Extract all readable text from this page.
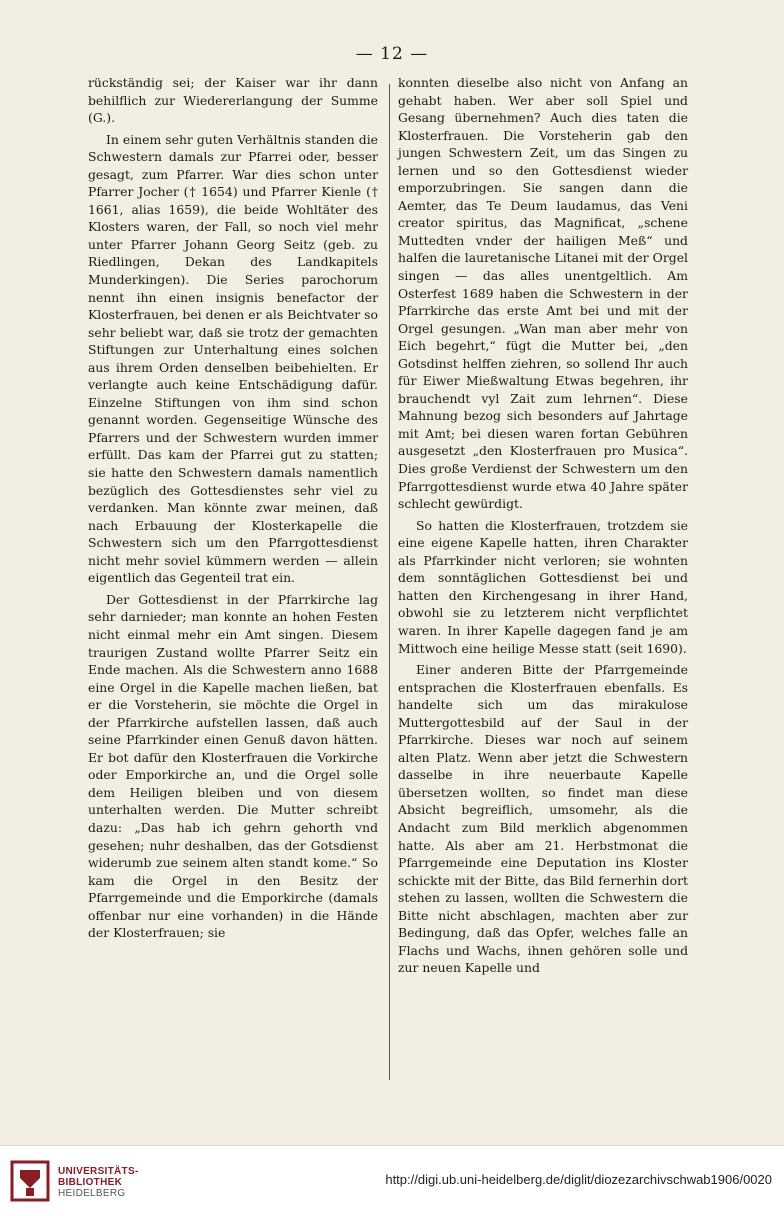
— 12 —

rückständig sei; der Kaiser war ihr dann behilflich zur Wiedererlangung der Summe (G.).

In einem sehr guten Verhältnis standen die Schwestern damals zur Pfarrei oder, besser gesagt, zum Pfarrer. War dies schon unter Pfarrer Jocher († 1654) und Pfarrer Kienle († 1661, alias 1659), die beide Wohltäter des Klosters waren, der Fall, so noch viel mehr unter Pfarrer Johann Georg Seitz (geb. zu Riedlingen, Dekan des Landkapitels Munderkingen). Die Series parochorum nennt ihn einen insignis benefactor der Klosterfrauen, bei denen er als Beichtvater so sehr beliebt war, daß sie trotz der gemachten Stiftungen zur Unterhaltung eines solchen aus ihrem Orden denselben beibehielten. Er verlangte auch keine Entschädigung dafür. Einzelne Stiftungen von ihm sind schon genannt worden. Gegenseitige Wünsche des Pfarrers und der Schwestern wurden immer erfüllt. Das kam der Pfarrei gut zu statten; sie hatte den Schwestern damals namentlich bezüglich des Gottesdienstes sehr viel zu verdanken. Man könnte zwar meinen, daß nach Erbauung der Klosterkapelle die Schwestern sich um den Pfarrgottesdienst nicht mehr soviel kümmern werden — allein eigentlich das Gegenteil trat ein.

Der Gottesdienst in der Pfarrkirche lag sehr darnieder; man konnte an hohen Festen nicht einmal mehr ein Amt singen. Diesem traurigen Zustand wollte Pfarrer Seitz ein Ende machen. Als die Schwestern anno 1688 eine Orgel in die Kapelle machen ließen, bat er die Vorsteherin, sie möchte die Orgel in der Pfarrkirche aufstellen lassen, daß auch seine Pfarrkinder einen Genuß davon hätten. Er bot dafür den Klosterfrauen die Vorkirche oder Emporkirche an, und die Orgel solle dem Heiligen bleiben und von diesem unterhalten werden. Die Mutter schreibt dazu: „Das hab ich gehrn gehorth vnd gesehen; nuhr deshalben, das der Gotsdienst widerumb zue seinem alten standt kome.“ So kam die Orgel in den Besitz der Pfarrgemeinde und die Emporkirche (damals offenbar nur eine vorhanden) in die Hände der Klosterfrauen; sie

konnten dieselbe also nicht von Anfang an gehabt haben. Wer aber soll Spiel und Gesang übernehmen? Auch dies taten die Klosterfrauen. Die Vorsteherin gab den jungen Schwestern Zeit, um das Singen zu lernen und so den Gottesdienst wieder emporzubringen. Sie sangen dann die Aemter, das Te Deum laudamus, das Veni creator spiritus, das Magnificat, „schene Muttedten vnder der hailigen Meß“ und halfen die lauretanische Litanei mit der Orgel singen — das alles unentgeltlich. Am Osterfest 1689 haben die Schwestern in der Pfarrkirche das erste Amt bei und mit der Orgel gesungen. „Wan man aber mehr von Eich begehrt,“ fügt die Mutter bei, „den Gotsdinst helffen ziehren, so sollend Ihr auch für Eiwer Mießwaltung Etwas begehren, ihr brauchendt vyl Zait zum lehrnen“. Diese Mahnung bezog sich besonders auf Jahrtage mit Amt; bei diesen waren fortan Gebühren ausgesetzt „den Klosterfrauen pro Musica“. Dies große Verdienst der Schwestern um den Pfarrgottesdienst wurde etwa 40 Jahre später schlecht gewürdigt.

So hatten die Klosterfrauen, trotzdem sie eine eigene Kapelle hatten, ihren Charakter als Pfarrkinder nicht verloren; sie wohnten dem sonntäglichen Gottesdienst bei und hatten den Kirchengesang in ihrer Hand, obwohl sie zu letzterem nicht verpflichtet waren. In ihrer Kapelle dagegen fand je am Mittwoch eine heilige Messe statt (seit 1690).

Einer anderen Bitte der Pfarrgemeinde entsprachen die Klosterfrauen ebenfalls. Es handelte sich um das mirakulose Muttergottesbild auf der Saul in der Pfarrkirche. Dieses war noch auf seinem alten Platz. Wenn aber jetzt die Schwestern dasselbe in ihre neuerbaute Kapelle übersetzen wollten, so findet man diese Absicht begreiflich, umsomehr, als die Andacht zum Bild merklich abgenommen hatte. Als aber am 21. Herbstmonat die Pfarrgemeinde eine Deputation ins Kloster schickte mit der Bitte, das Bild fernerhin dort stehen zu lassen, wollten die Schwestern die Bitte nicht abschlagen, machten aber zur Bedingung, daß das Opfer, welches falle an Flachs und Wachs, ihnen gehören solle und zur neuen Kapelle und

UNIVERSITÄTS-
BIBLIOTHEK
HEIDELBERG
http://digi.ub.uni-heidelberg.de/diglit/diozezarchivschwab1906/0020
